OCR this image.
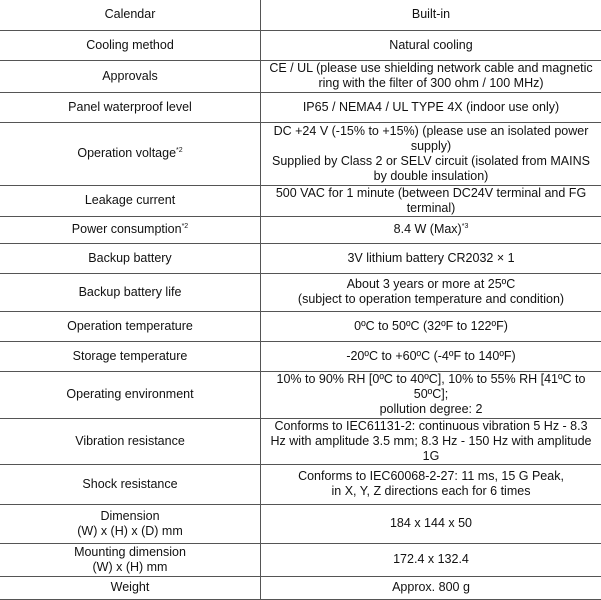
Calendar	Built-in

Cooling method	Natural cooling

Approvals	CE / UL (please use shielding network cable and magnetic
ring with the filter of 300 ohm / 100 MHz)

Panel waterproof level	IP65 / NEMA4 / UL TYPE 4X (indoor use only)

Operation voltage$^{*2}$	DC +24 V (-15% to +15%) (please use an isolated power
supply)
Supplied by Class 2 or SELV circuit (isolated from MAINS
by double insulation)

Leakage current	500 VAC for 1 minute (between DC24V terminal and FG
terminal)

Power consumption$^{*2}$	8.4 W (Max)$^{*3}$

Backup battery	3V lithium battery CR2032 × 1

Backup battery life	About 3 years or more at 25ºC
(subject to operation temperature and condition)

Operation temperature	0ºC to 50ºC (32ºF to 122ºF)

Storage temperature	-20ºC to +60ºC (-4ºF to 140ºF)

Operating environment	10% to 90% RH [0ºC to 40ºC], 10% to 55% RH [41ºC to
50ºC];
pollution degree: 2

Vibration resistance	Conforms to IEC61131-2: continuous vibration 5 Hz - 8.3
Hz with amplitude 3.5 mm; 8.3 Hz - 150 Hz with amplitude
1G

Shock resistance	Conforms to IEC60068-2-27: 11 ms, 15 G Peak,
in X, Y, Z directions each for 6 times

Dimension
(W) x (H) x (D) mm	184 x 144 x 50

Mounting dimension
(W) x (H) mm	172.4 x 132.4

Weight	Approx. 800 g
